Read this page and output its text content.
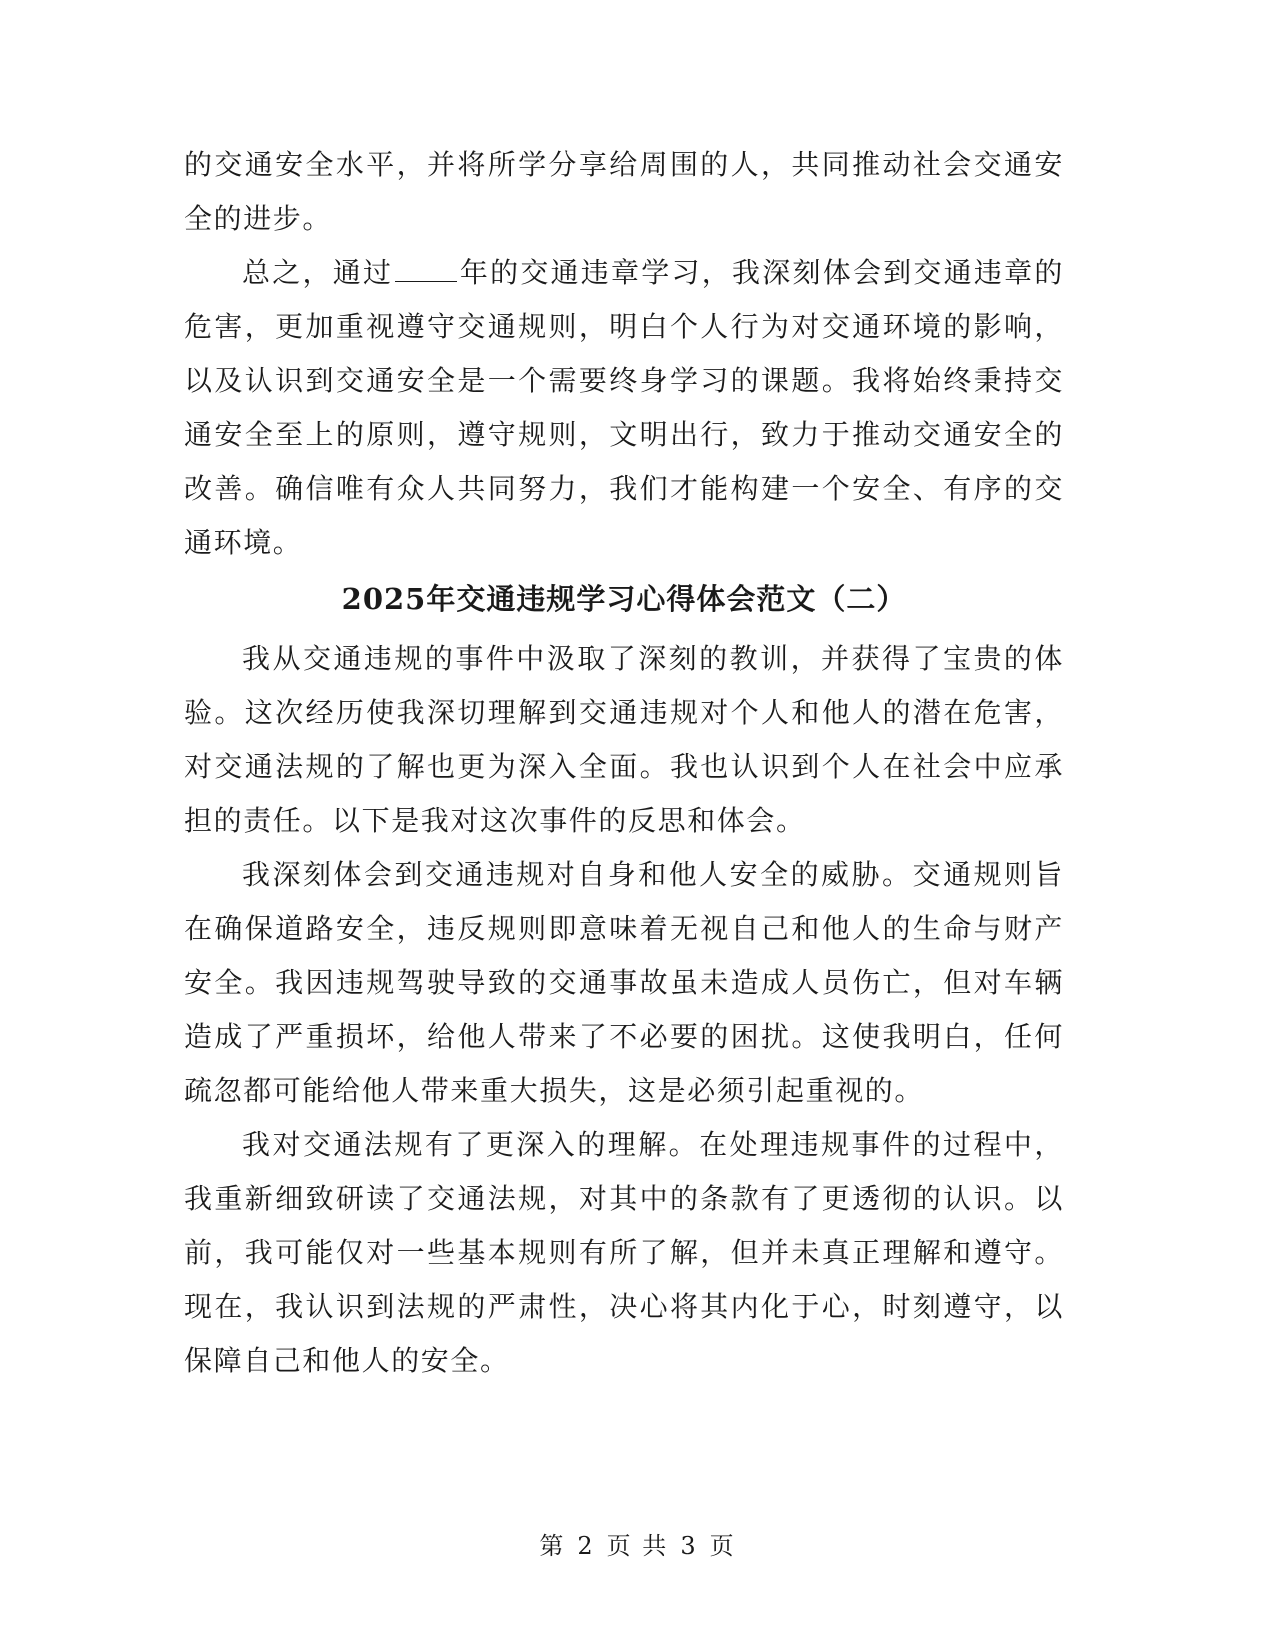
的交通安全水平，并将所学分享给周围的人，共同推动社会交通安全的进步。

总之，通过 年的交通违章学习，我深刻体会到交通违章的危害，更加重视遵守交通规则，明白个人行为对交通环境的影响，以及认识到交通安全是一个需要终身学习的课题。我将始终秉持交通安全至上的原则，遵守规则，文明出行，致力于推动交通安全的改善。确信唯有众人共同努力，我们才能构建一个安全、有序的交通环境。

2025年交通违规学习心得体会范文（二）

我从交通违规的事件中汲取了深刻的教训，并获得了宝贵的体验。这次经历使我深切理解到交通违规对个人和他人的潜在危害，对交通法规的了解也更为深入全面。我也认识到个人在社会中应承担的责任。以下是我对这次事件的反思和体会。

我深刻体会到交通违规对自身和他人安全的威胁。交通规则旨在确保道路安全，违反规则即意味着无视自己和他人的生命与财产安全。我因违规驾驶导致的交通事故虽未造成人员伤亡，但对车辆造成了严重损坏，给他人带来了不必要的困扰。这使我明白，任何疏忽都可能给他人带来重大损失，这是必须引起重视的。

我对交通法规有了更深入的理解。在处理违规事件的过程中，我重新细致研读了交通法规，对其中的条款有了更透彻的认识。以前，我可能仅对一些基本规则有所了解，但并未真正理解和遵守。现在，我认识到法规的严肃性，决心将其内化于心，时刻遵守，以保障自己和他人的安全。

第 2 页 共 3 页
